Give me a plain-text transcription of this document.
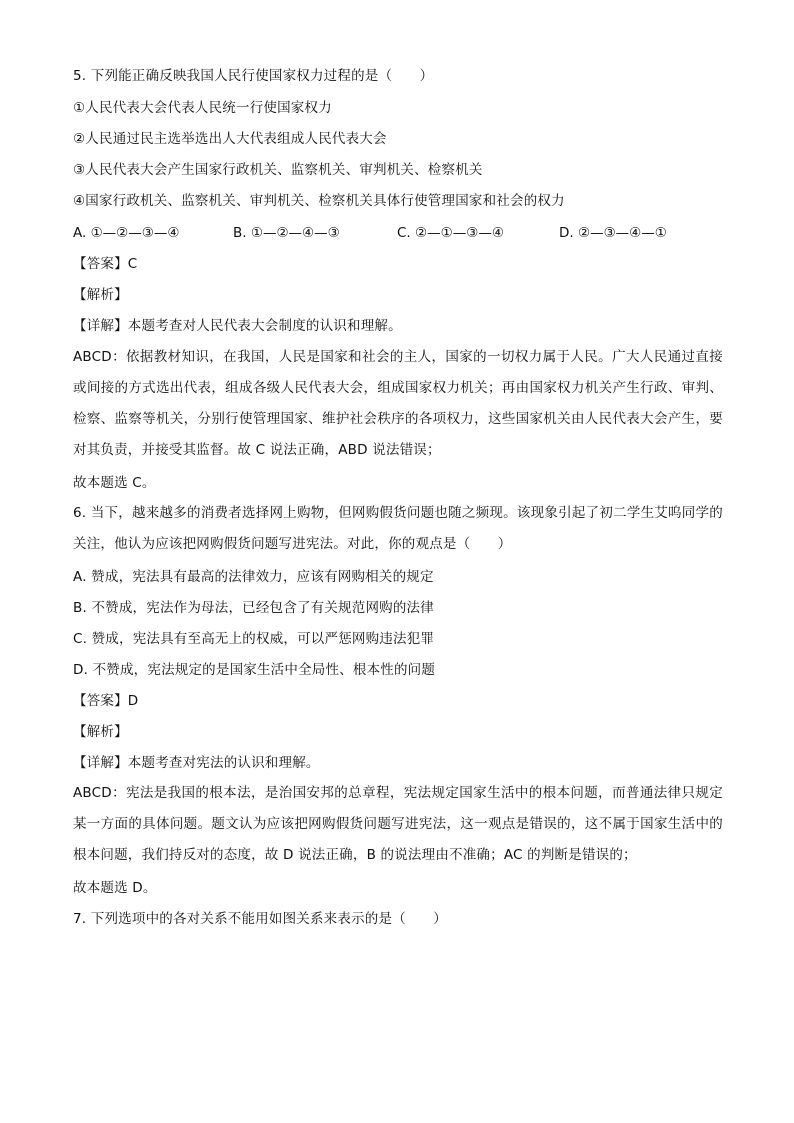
5. 下列能正确反映我国人民行使国家权力过程的是（　　）
①人民代表大会代表人民统一行使国家权力
②人民通过民主选举选出人大代表组成人民代表大会
③人民代表大会产生国家行政机关、监察机关、审判机关、检察机关
④国家行政机关、监察机关、审判机关、检察机关具体行使管理国家和社会的权力
A. ①—②—③—④	B. ①—②—④—③	C. ②—①—③—④	D. ②—③—④—①
【答案】C
【解析】
【详解】本题考查对人民代表大会制度的认识和理解。
ABCD：依据教材知识，在我国，人民是国家和社会的主人，国家的一切权力属于人民。广大人民通过直接或间接的方式选出代表，组成各级人民代表大会，组成国家权力机关；再由国家权力机关产生行政、审判、检察、监察等机关，分别行使管理国家、维护社会秩序的各项权力，这些国家机关由人民代表大会产生，要对其负责，并接受其监督。故 C 说法正确，ABD 说法错误；
故本题选 C。
6. 当下，越来越多的消费者选择网上购物，但网购假货问题也随之频现。该现象引起了初二学生艾呜同学的关注，他认为应该把网购假货问题写进宪法。对此，你的观点是（　　）
A. 赞成，宪法具有最高的法律效力，应该有网购相关的规定
B. 不赞成，宪法作为母法，已经包含了有关规范网购的法律
C. 赞成，宪法具有至高无上的权威，可以严惩网购违法犯罪
D. 不赞成，宪法规定的是国家生活中全局性、根本性的问题
【答案】D
【解析】
【详解】本题考查对宪法的认识和理解。
ABCD：宪法是我国的根本法，是治国安邦的总章程，宪法规定国家生活中的根本问题，而普通法律只规定某一方面的具体问题。题文认为应该把网购假货问题写进宪法，这一观点是错误的，这不属于国家生活中的根本问题，我们持反对的态度，故 D 说法正确，B 的说法理由不准确；AC 的判断是错误的；
故本题选 D。
7. 下列选项中的各对关系不能用如图关系来表示的是（　　）
